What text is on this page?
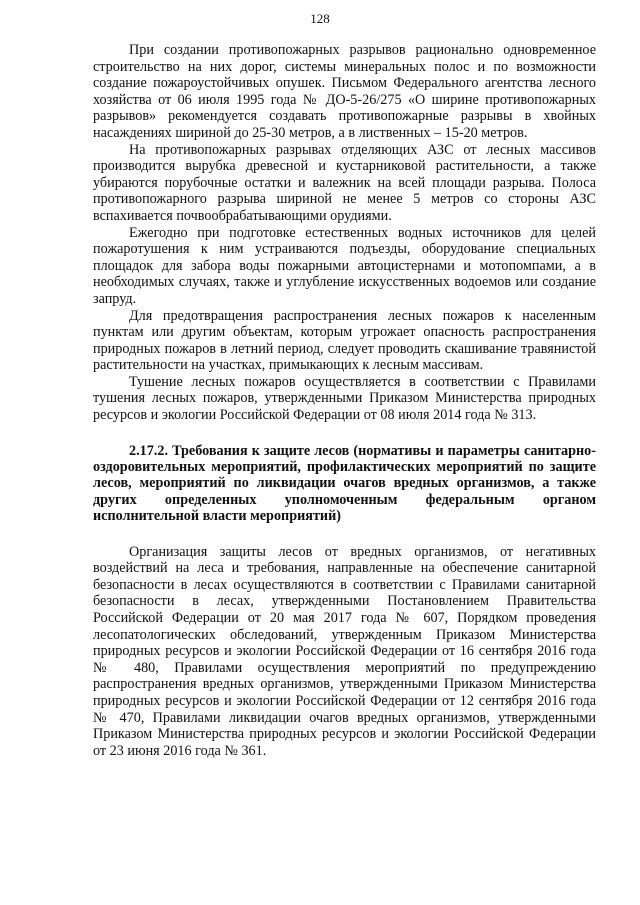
128

При создании противопожарных разрывов рационально одновременное строительство на них дорог, системы минеральных полос и по возможности создание пожароустойчивых опушек. Письмом Федерального агентства лесного хозяйства от 06 июля 1995 года № ДО-5-26/275 «О ширине противопожарных разрывов» рекомендуется создавать противопожарные разрывы в хвойных насаждениях шириной до 25-30 метров, а в лиственных – 15-20 метров.

На противопожарных разрывах отделяющих АЗС от лесных массивов производится вырубка древесной и кустарниковой растительности, а также убираются порубочные остатки и валежник на всей площади разрыва. Полоса противопожарного разрыва шириной не менее 5 метров со стороны АЗС вспахивается почвообрабатывающими орудиями.

Ежегодно при подготовке естественных водных источников для целей пожаротушения к ним устраиваются подъезды, оборудование специальных площадок для забора воды пожарными автоцистернами и мотопомпами, а в необходимых случаях, также и углубление искусственных водоемов или создание запруд.

Для предотвращения распространения лесных пожаров к населенным пунктам или другим объектам, которым угрожает опасность распространения природных пожаров в летний период, следует проводить скашивание травянистой растительности на участках, примыкающих к лесным массивам.

Тушение лесных пожаров осуществляется в соответствии с Правилами тушения лесных пожаров, утвержденными Приказом Министерства природных ресурсов и экологии Российской Федерации от 08 июля 2014 года № 313.

2.17.2. Требования к защите лесов (нормативы и параметры санитарно-оздоровительных мероприятий, профилактических мероприятий по защите лесов, мероприятий по ликвидации очагов вредных организмов, а также других определенных уполномоченным федеральным органом исполнительной власти мероприятий)

Организация защиты лесов от вредных организмов, от негативных воздействий на леса и требования, направленные на обеспечение санитарной безопасности в лесах осуществляются в соответствии с Правилами санитарной безопасности в лесах, утвержденными Постановлением Правительства Российской Федерации от 20 мая 2017 года № 607, Порядком проведения лесопатологических обследований, утвержденным Приказом Министерства природных ресурсов и экологии Российской Федерации от 16 сентября 2016 года № 480, Правилами осуществления мероприятий по предупреждению распространения вредных организмов, утвержденными Приказом Министерства природных ресурсов и экологии Российской Федерации от 12 сентября 2016 года № 470, Правилами ликвидации очагов вредных организмов, утвержденными Приказом Министерства природных ресурсов и экологии Российской Федерации от 23 июня 2016 года № 361.
